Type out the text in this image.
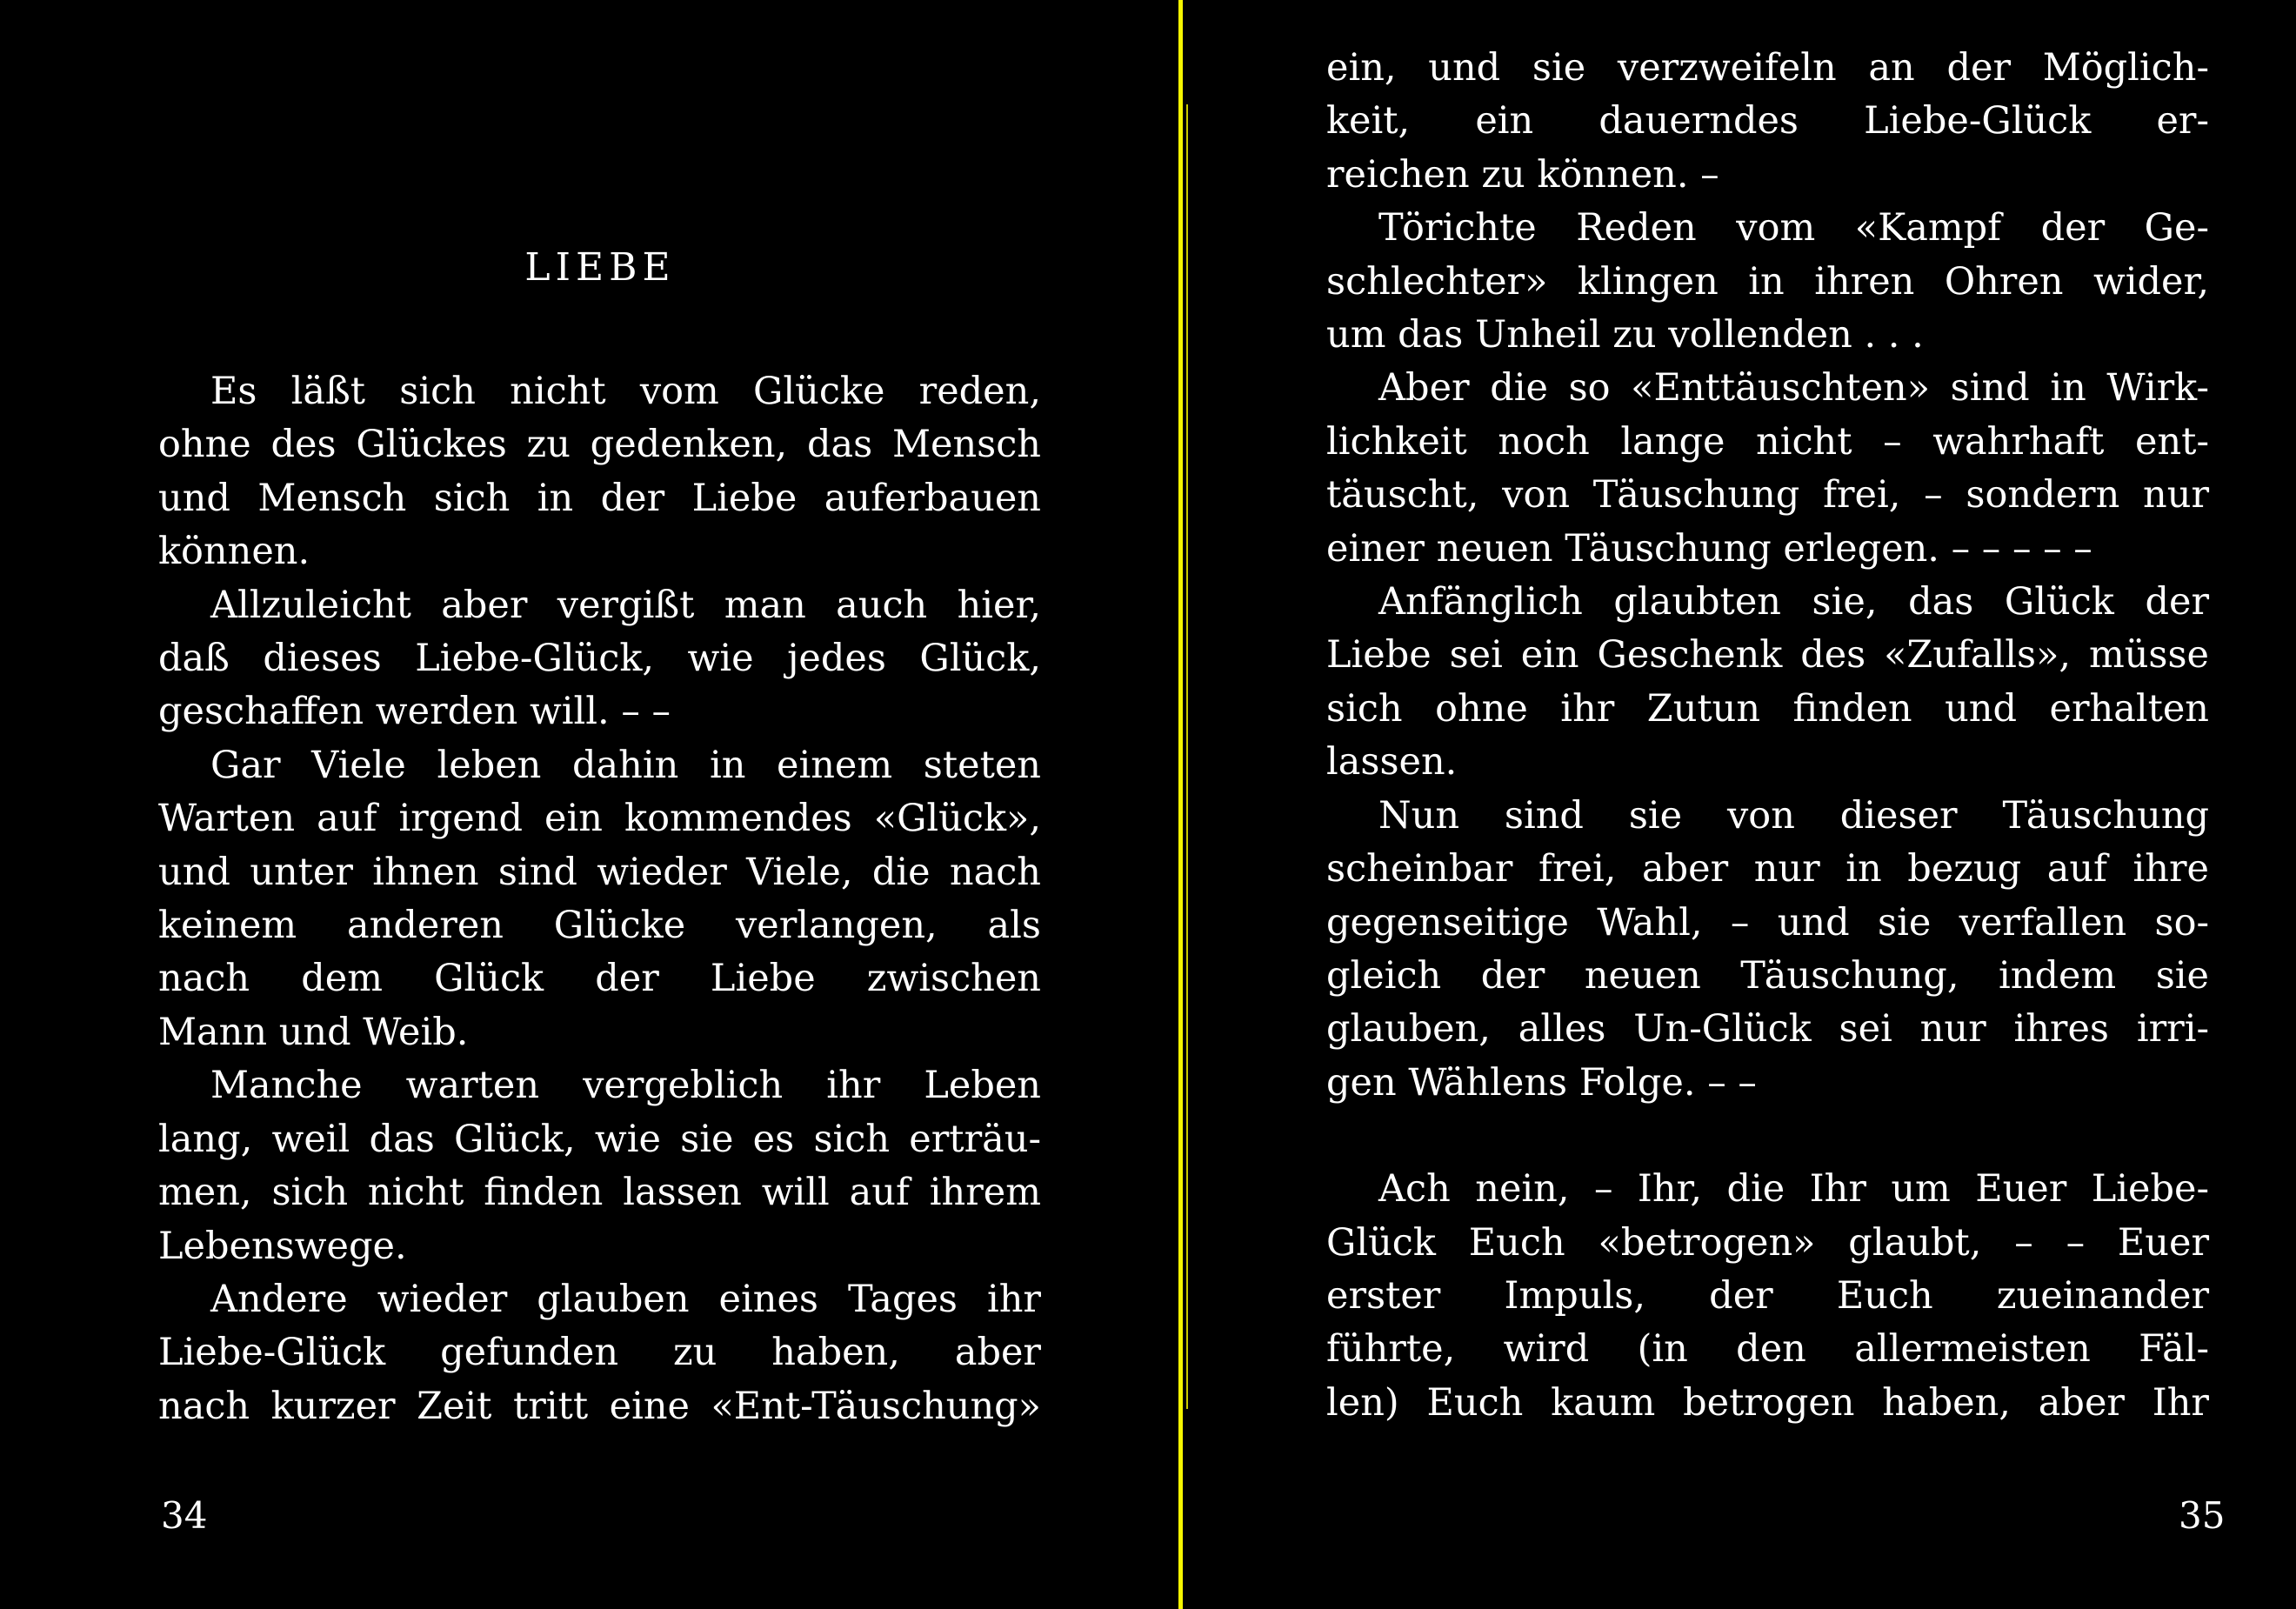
LIEBE
Es läßt sich nicht vom Glücke reden,
ohne des Glückes zu gedenken, das Mensch
und Mensch sich in der Liebe auferbauen
können.
Allzuleicht aber vergißt man auch hier,
daß dieses Liebe-Glück, wie jedes Glück,
geschaffen werden will. – –
Gar Viele leben dahin in einem steten
Warten auf irgend ein kommendes «Glück»,
und unter ihnen sind wieder Viele, die nach
keinem anderen Glücke verlangen, als
nach dem Glück der Liebe zwischen
Mann und Weib.
Manche warten vergeblich ihr Leben
lang, weil das Glück, wie sie es sich erträu-
men, sich nicht finden lassen will auf ihrem
Lebenswege.
Andere wieder glauben eines Tages ihr
Liebe-Glück gefunden zu haben, aber
nach kurzer Zeit tritt eine «Ent-Täuschung»
34	35
ein, und sie verzweifeln an der Möglich-
keit, ein dauerndes Liebe-Glück er-
reichen zu können. –
Törichte Reden vom «Kampf der Ge-
schlechter» klingen in ihren Ohren wider,
um das Unheil zu vollenden . . .
Aber die so «Enttäuschten» sind in Wirk-
lichkeit noch lange nicht – wahrhaft ent-
täuscht, von Täuschung frei, – sondern nur
einer neuen Täuschung erlegen. – – – – –
Anfänglich glaubten sie, das Glück der
Liebe sei ein Geschenk des «Zufalls», müsse
sich ohne ihr Zutun finden und erhalten
lassen.
Nun sind sie von dieser Täuschung
scheinbar frei, aber nur in bezug auf ihre
gegenseitige Wahl, – und sie verfallen so-
gleich der neuen Täuschung, indem sie
glauben, alles Un-Glück sei nur ihres irri-
gen Wählens Folge. – –
Ach nein, – Ihr, die Ihr um Euer Liebe-
Glück Euch «betrogen» glaubt, – – Euer
erster Impuls, der Euch zueinander
führte, wird (in den allermeisten Fäl-
len) Euch kaum betrogen haben, aber Ihr
